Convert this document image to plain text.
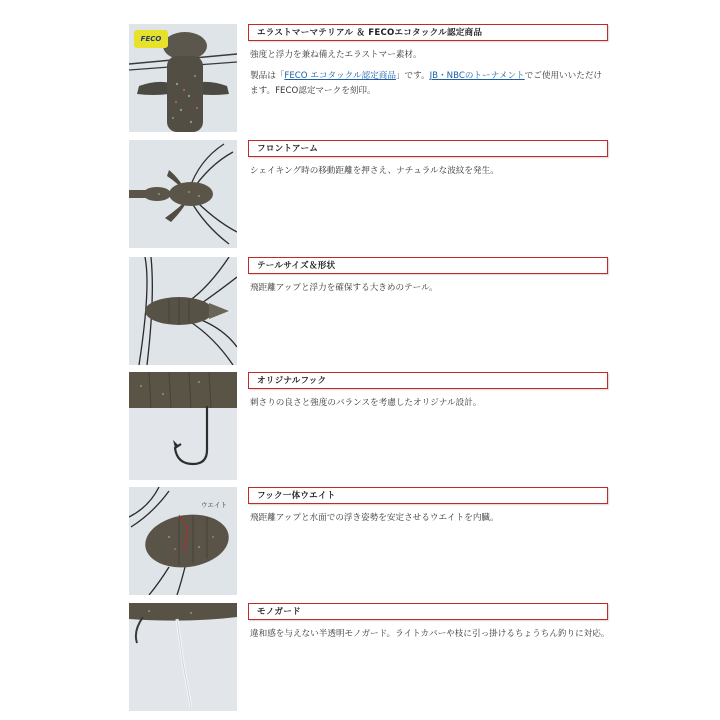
FECO
エラストマーマテリアル ＆ FECOエコタックル認定商品

強度と浮力を兼ね備えたエラストマー素材。

製品は「FECO エコタックル認定商品」です。JB・NBCのトーナメントでご使用いいただけます。FECO認定マークを刻印。

フロントアーム

シェイキング時の移動距離を押さえ、ナチュラルな波紋を発生。

テールサイズ＆形状

飛距離アップと浮力を確保する大きめのテール。

オリジナルフック

刺さりの良さと強度のバランスを考慮したオリジナル設計。

ウエイト
フック一体ウエイト

飛距離アップと水面での浮き姿勢を安定させるウエイトを内臓。

モノガード

違和感を与えない半透明モノガード。ライトカバーや枝に引っ掛けるちょうちん釣りに対応。
